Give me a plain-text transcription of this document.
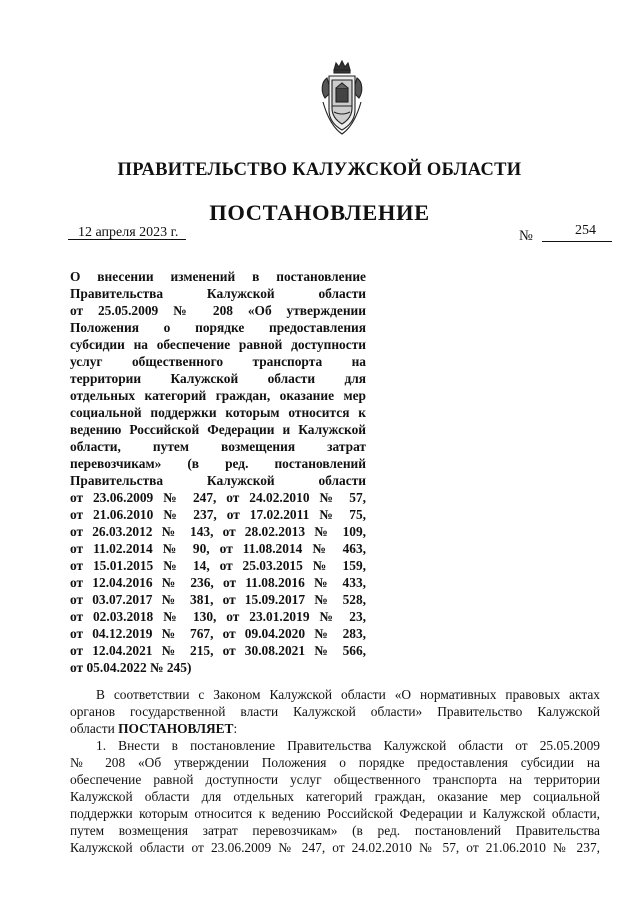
ПРАВИТЕЛЬСТВО КАЛУЖСКОЙ ОБЛАСТИ
ПОСТАНОВЛЕНИЕ
12 апреля 2023 г.	№	254
О внесении изменений в постановление
Правительства Калужской области
от 25.05.2009 № 208 «Об утверждении
Положения о порядке предоставления
субсидии на обеспечение равной доступности
услуг общественного транспорта на
территории Калужской области для
отдельных категорий граждан, оказание мер
социальной поддержки которым относится к
ведению Российской Федерации и Калужской
области, путем возмещения затрат
перевозчикам» (в ред. постановлений
Правительства Калужской области
от 23.06.2009 № 247, от 24.02.2010 № 57,
от 21.06.2010 № 237, от 17.02.2011 № 75,
от 26.03.2012 № 143, от 28.02.2013 № 109,
от 11.02.2014 № 90, от 11.08.2014 № 463,
от 15.01.2015 № 14, от 25.03.2015 № 159,
от 12.04.2016 № 236, от 11.08.2016 № 433,
от 03.07.2017 № 381, от 15.09.2017 № 528,
от 02.03.2018 № 130, от 23.01.2019 № 23,
от 04.12.2019 № 767, от 09.04.2020 № 283,
от 12.04.2021 № 215, от 30.08.2021 № 566,
от 05.04.2022 № 245)
В соответствии с Законом Калужской области «О нормативных правовых актах
органов государственной власти Калужской области» Правительство Калужской
области ПОСТАНОВЛЯЕТ:
1. Внести в постановление Правительства Калужской области от 25.05.2009
№ 208 «Об утверждении Положения о порядке предоставления субсидии на
обеспечение равной доступности услуг общественного транспорта на территории
Калужской области для отдельных категорий граждан, оказание мер социальной
поддержки которым относится к ведению Российской Федерации и Калужской области,
путем возмещения затрат перевозчикам» (в ред. постановлений Правительства
Калужской области от 23.06.2009 № 247, от 24.02.2010 № 57, от 21.06.2010 № 237,
